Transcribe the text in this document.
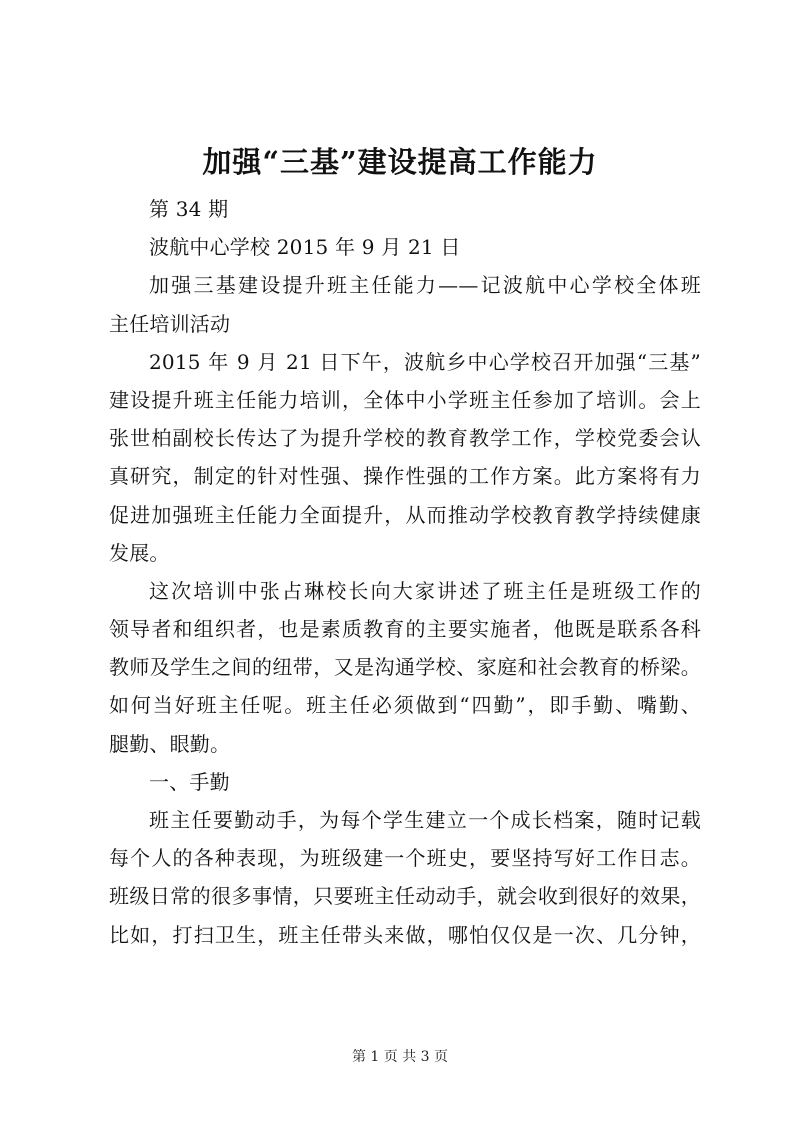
加强“三基”建设提高工作能力
第 34 期
波航中心学校 2015 年 9 月 21 日
加强三基建设提升班主任能力——记波航中心学校全体班
主任培训活动
2015 年 9 月 21 日下午，波航乡中心学校召开加强“三基”
建设提升班主任能力培训，全体中小学班主任参加了培训。会上
张世柏副校长传达了为提升学校的教育教学工作，学校党委会认
真研究，制定的针对性强、操作性强的工作方案。此方案将有力
促进加强班主任能力全面提升，从而推动学校教育教学持续健康
发展。
这次培训中张占琳校长向大家讲述了班主任是班级工作的
领导者和组织者，也是素质教育的主要实施者，他既是联系各科
教师及学生之间的纽带，又是沟通学校、家庭和社会教育的桥梁。
如何当好班主任呢。班主任必须做到“四勤”，即手勤、嘴勤、
腿勤、眼勤。
一、手勤
班主任要勤动手，为每个学生建立一个成长档案，随时记载
每个人的各种表现，为班级建一个班史，要坚持写好工作日志。
班级日常的很多事情，只要班主任动动手，就会收到很好的效果，
比如，打扫卫生，班主任带头来做，哪怕仅仅是一次、几分钟，
第 1 页 共 3 页
